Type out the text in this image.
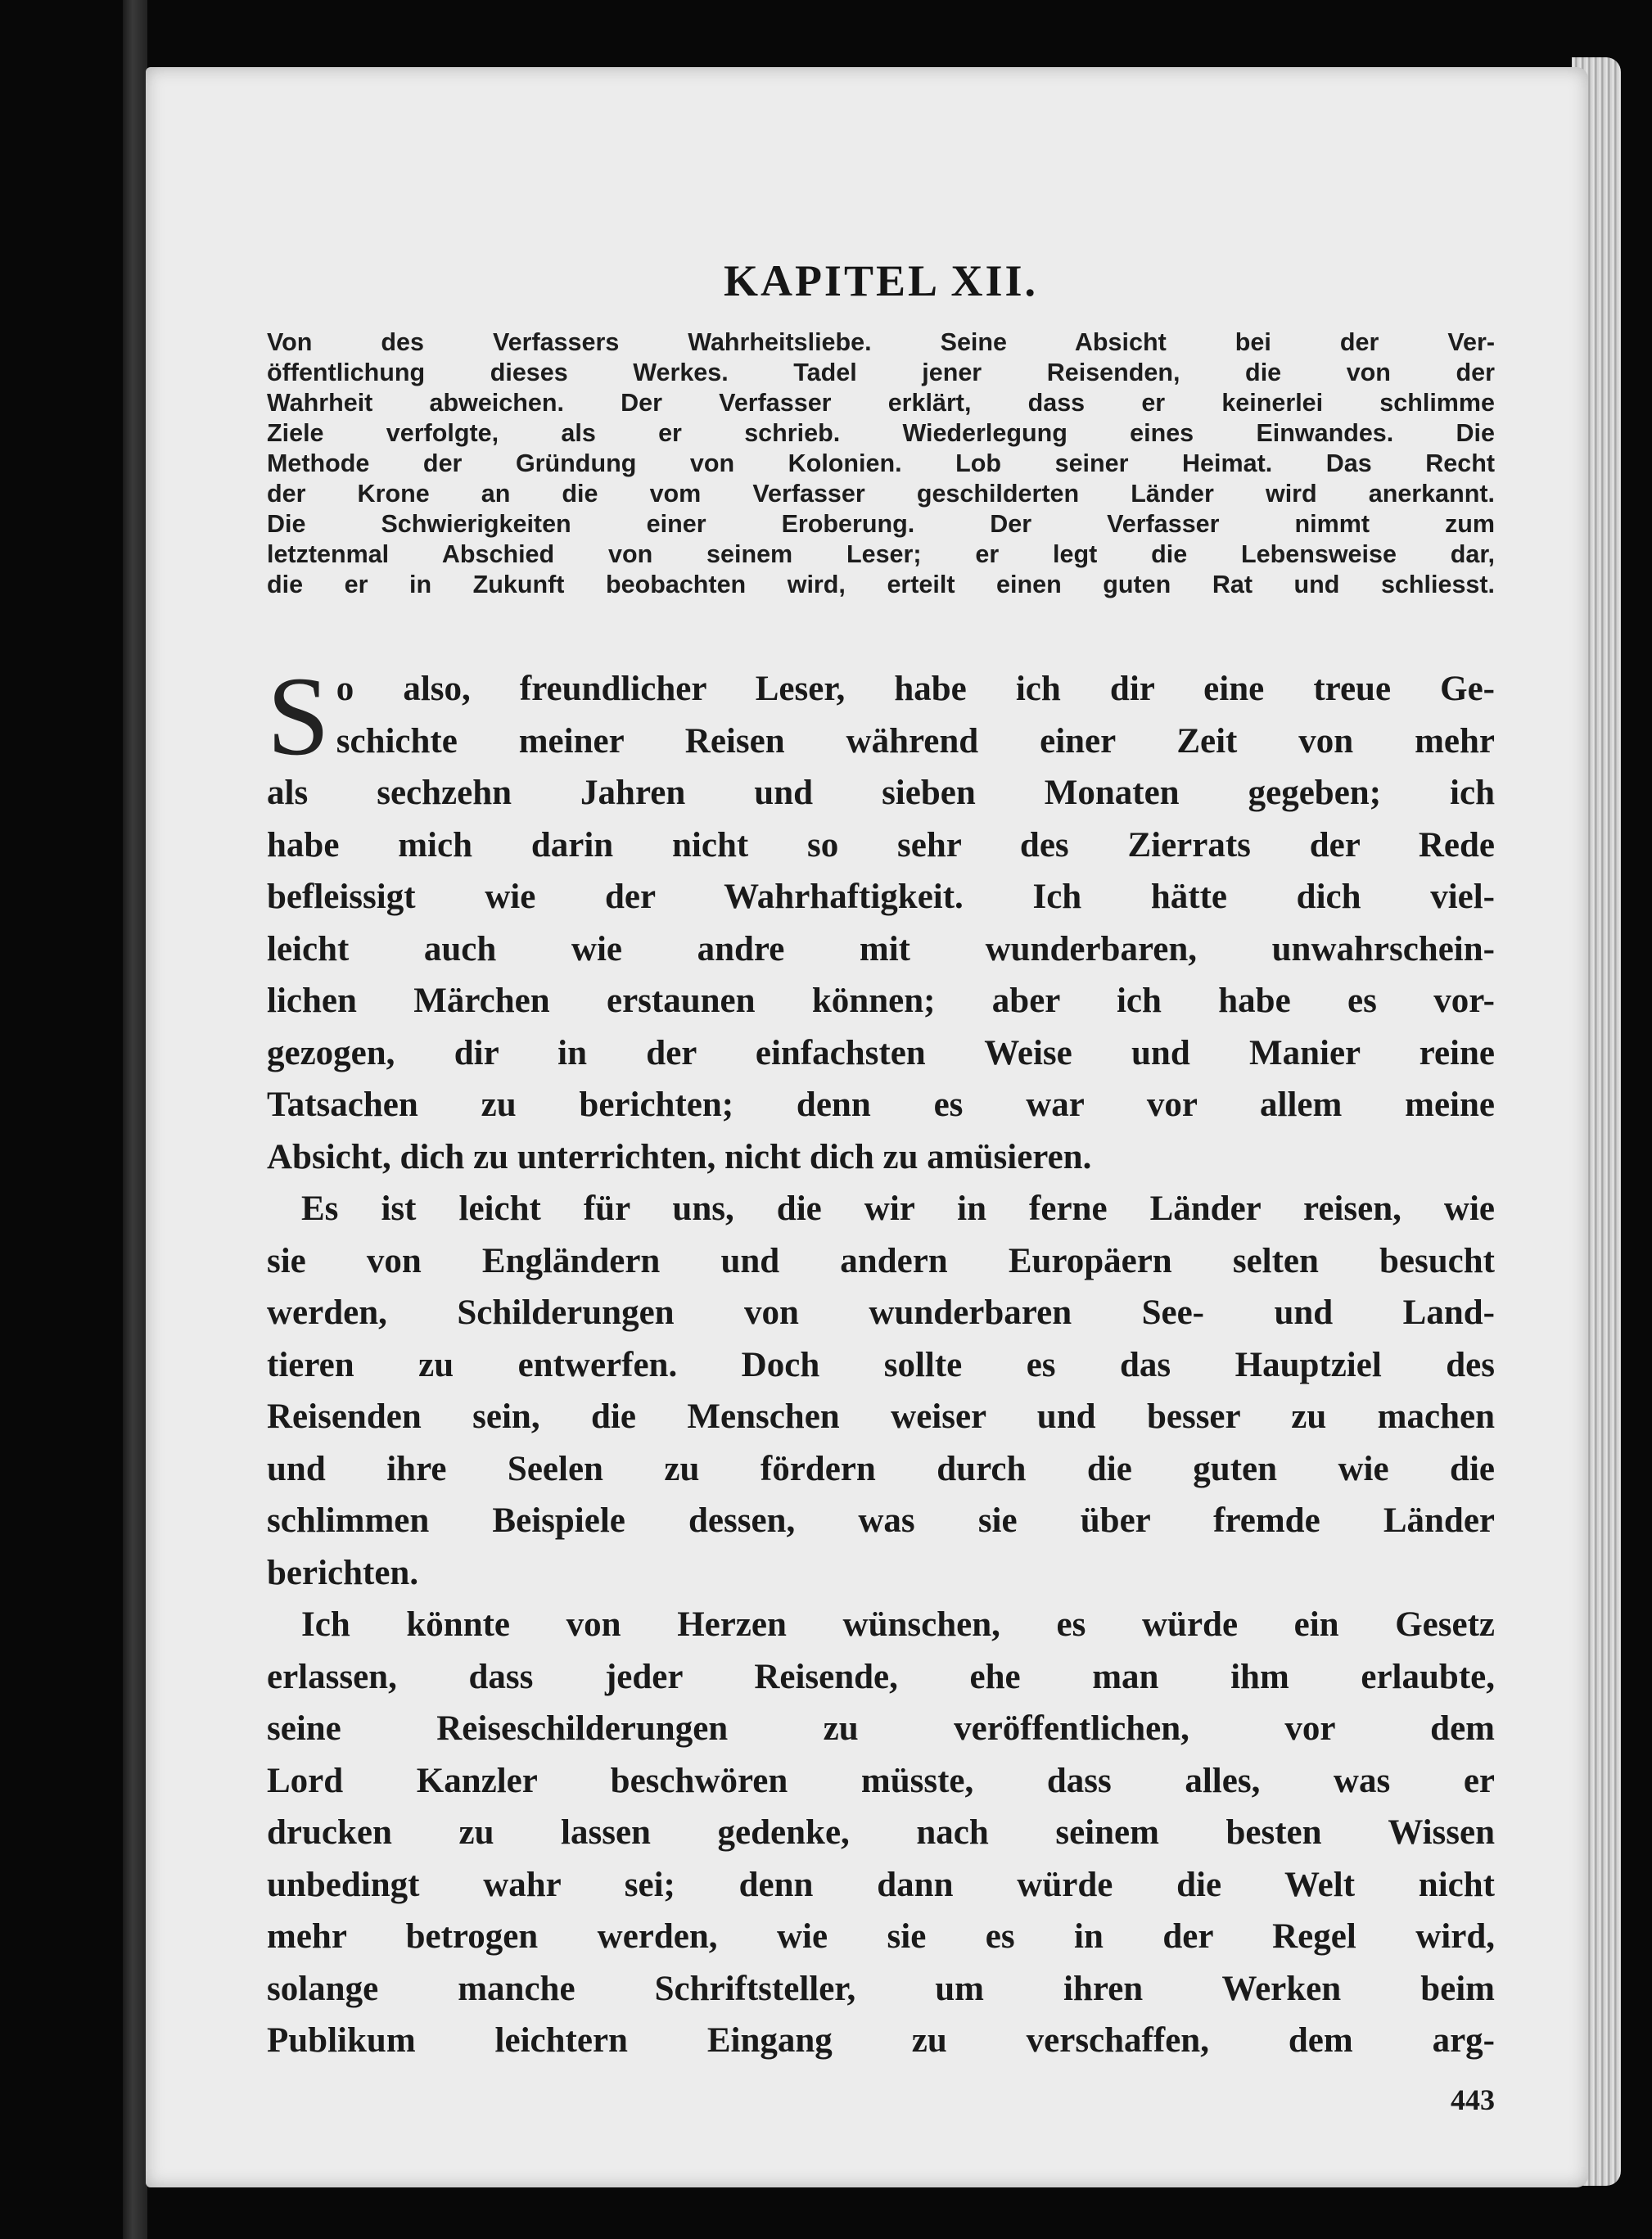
KAPITEL XII.
Von des Verfassers Wahrheitsliebe. Seine Absicht bei der Ver-
öffentlichung dieses Werkes. Tadel jener Reisenden, die von der
Wahrheit abweichen. Der Verfasser erklärt, dass er keinerlei schlimme
Ziele verfolgte, als er schrieb. Wiederlegung eines Einwandes. Die
Methode der Gründung von Kolonien. Lob seiner Heimat. Das Recht
der Krone an die vom Verfasser geschilderten Länder wird anerkannt.
Die Schwierigkeiten einer Eroberung. Der Verfasser nimmt zum
letztenmal Abschied von seinem Leser; er legt die Lebensweise dar,
die er in Zukunft beobachten wird, erteilt einen guten Rat und schliesst.
S o also, freundlicher Leser, habe ich dir eine treue Ge-
schichte meiner Reisen während einer Zeit von mehr
als sechzehn Jahren und sieben Monaten gegeben; ich
habe mich darin nicht so sehr des Zierrats der Rede
befleissigt wie der Wahrhaftigkeit. Ich hätte dich viel-
leicht auch wie andre mit wunderbaren, unwahrschein-
lichen Märchen erstaunen können; aber ich habe es vor-
gezogen, dir in der einfachsten Weise und Manier reine
Tatsachen zu berichten; denn es war vor allem meine
Absicht, dich zu unterrichten, nicht dich zu amüsieren.
Es ist leicht für uns, die wir in ferne Länder reisen, wie
sie von Engländern und andern Europäern selten besucht
werden, Schilderungen von wunderbaren See- und Land-
tieren zu entwerfen. Doch sollte es das Hauptziel des
Reisenden sein, die Menschen weiser und besser zu machen
und ihre Seelen zu fördern durch die guten wie die
schlimmen Beispiele dessen, was sie über fremde Länder
berichten.
Ich könnte von Herzen wünschen, es würde ein Gesetz
erlassen, dass jeder Reisende, ehe man ihm erlaubte,
seine Reiseschilderungen zu veröffentlichen, vor dem
Lord Kanzler beschwören müsste, dass alles, was er
drucken zu lassen gedenke, nach seinem besten Wissen
unbedingt wahr sei; denn dann würde die Welt nicht
mehr betrogen werden, wie sie es in der Regel wird,
solange manche Schriftsteller, um ihren Werken beim
Publikum leichtern Eingang zu verschaffen, dem arg-
443
